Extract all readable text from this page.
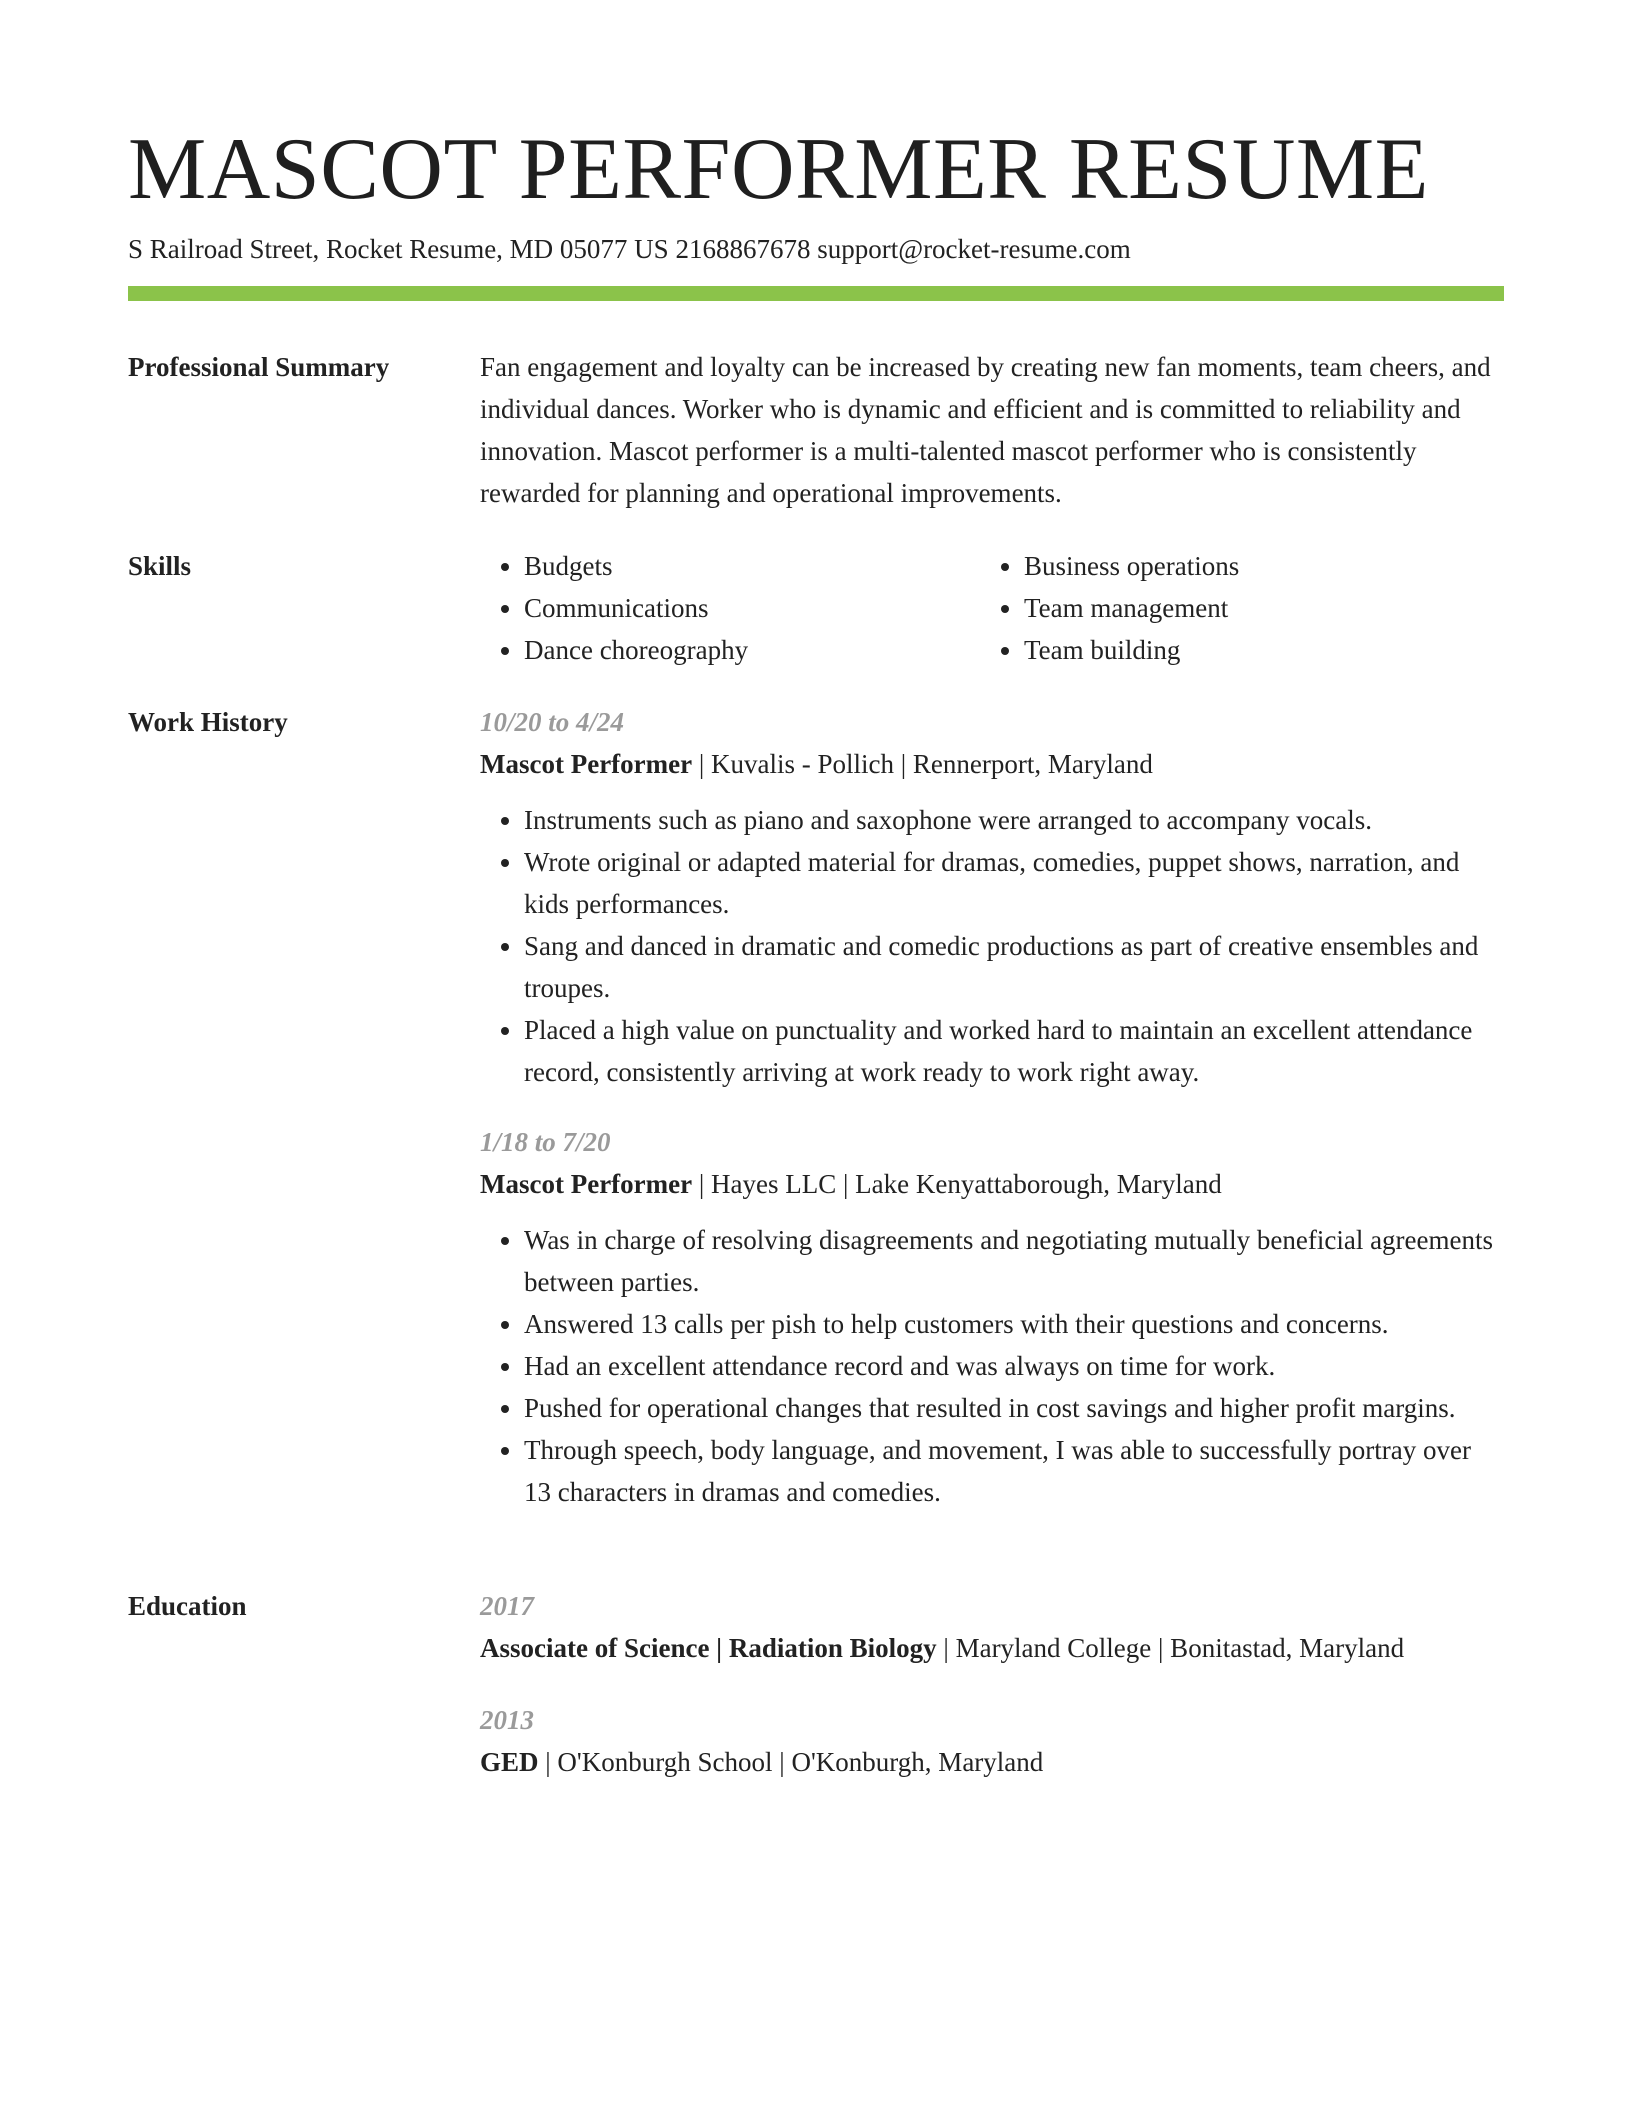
MASCOT PERFORMER RESUME
S Railroad Street, Rocket Resume, MD 05077 US 2168867678 support@rocket-resume.com
Professional Summary	Fan engagement and loyalty can be increased by creating new fan moments, team cheers, and individual dances. Worker who is dynamic and efficient and is committed to reliability and innovation. Mascot performer is a multi-talented mascot performer who is consistently rewarded for planning and operational improvements.

Skills
•	Budgets
• Communications
• Dance choreography
• Business operations
• Team management
• Team building
Work History	10/20 to 4/24
Mascot Performer | Kuvalis - Pollich | Rennerport, Maryland
• Instruments such as piano and saxophone were arranged to accompany vocals.
• Wrote original or adapted material for dramas, comedies, puppet shows, narration, and kids performances.
• Sang and danced in dramatic and comedic productions as part of creative ensembles and troupes.
• Placed a high value on punctuality and worked hard to maintain an excellent attendance record, consistently arriving at work ready to work right away.
1/18 to 7/20
Mascot Performer | Hayes LLC | Lake Kenyattaborough, Maryland
• Was in charge of resolving disagreements and negotiating mutually beneficial agreements between parties.
• Answered 13 calls per pish to help customers with their questions and concerns.
• Had an excellent attendance record and was always on time for work.
• Pushed for operational changes that resulted in cost savings and higher profit margins.
• Through speech, body language, and movement, I was able to successfully portray over 13 characters in dramas and comedies.
Education	2017
Associate of Science | Radiation Biology | Maryland College | Bonitastad, Maryland
2013
GED | O'Konburgh School | O'Konburgh, Maryland
